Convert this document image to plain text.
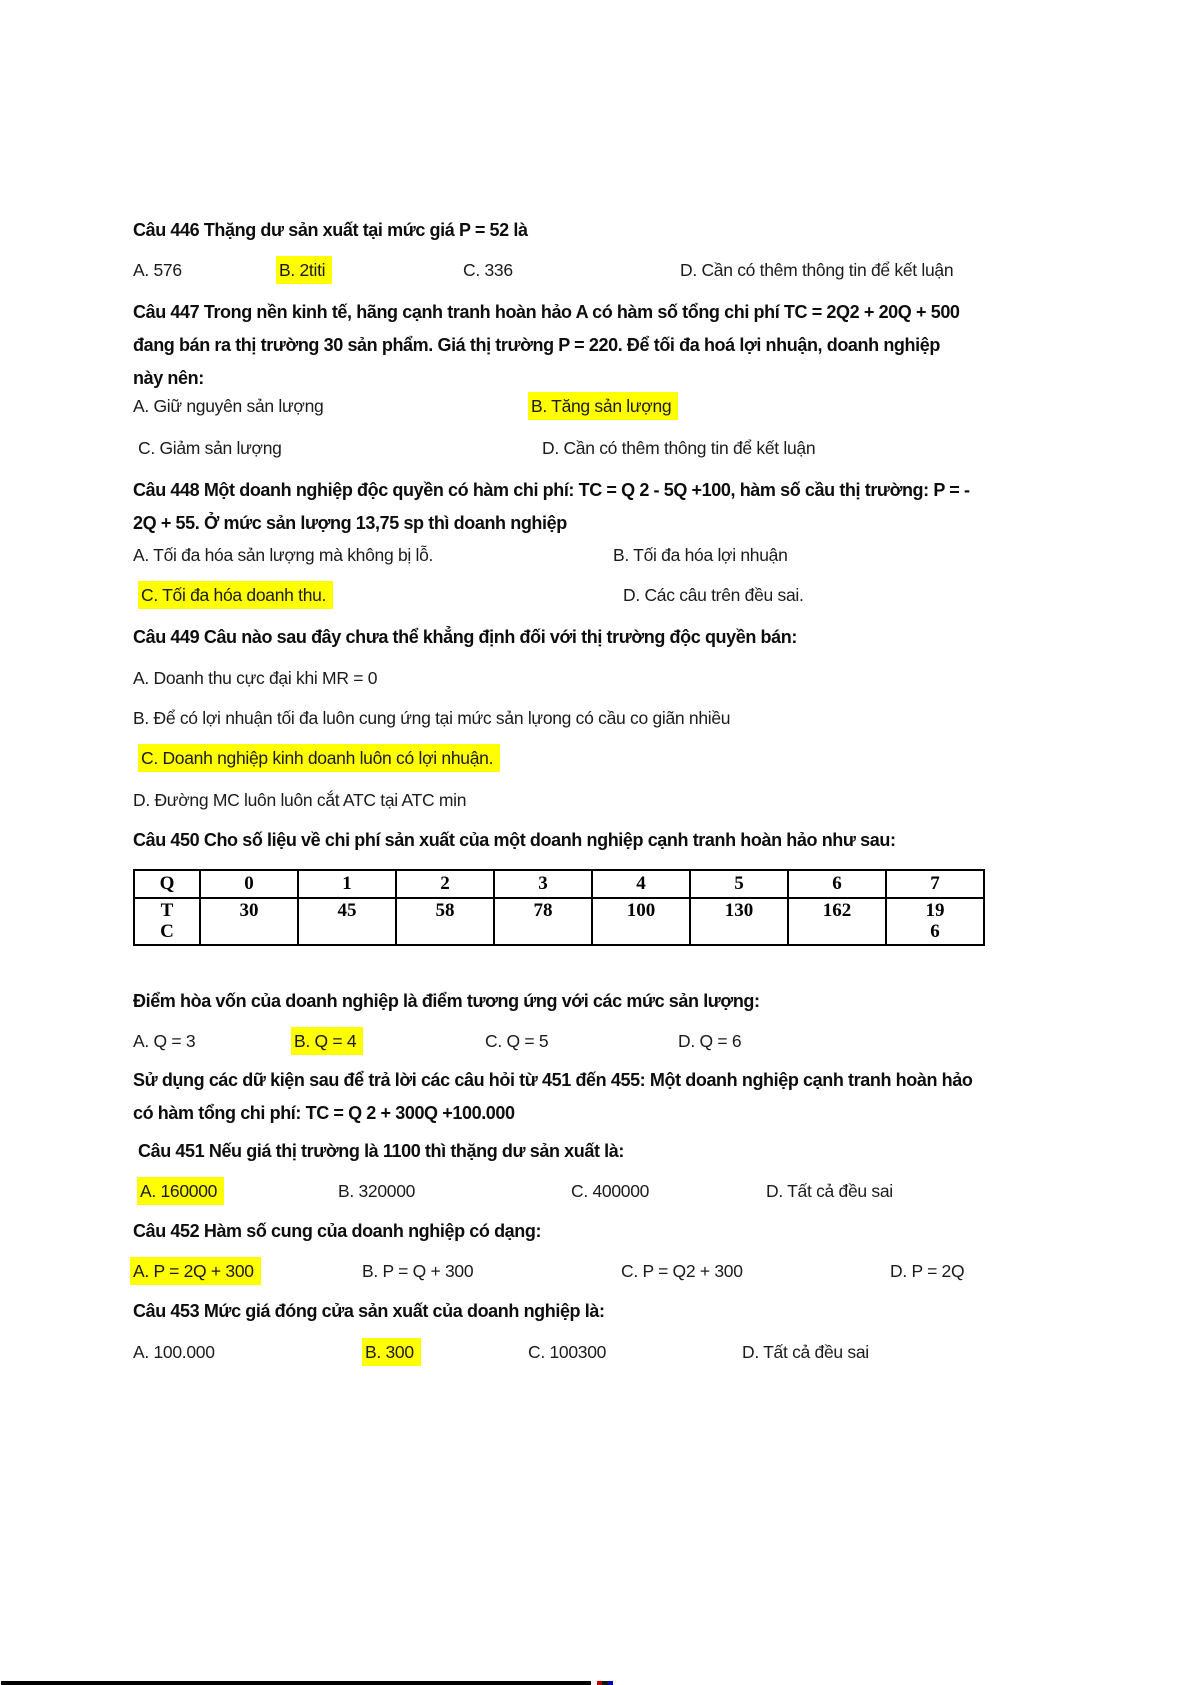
Câu 446 Thặng dư sản xuất tại mức giá P = 52 là
A. 576	B. 2titi	C. 336	D. Cần có thêm thông tin để kết luận
Câu 447 Trong nền kinh tế, hãng cạnh tranh hoàn hảo A có hàm số tổng chi phí TC = 2Q2 + 20Q + 500
đang bán ra thị trường 30 sản phẩm. Giá thị trường P = 220. Để tối đa hoá lợi nhuận, doanh nghiệp
này nên:
A. Giữ nguyên sản lượng	B. Tăng sản lượng
C. Giảm sản lượng	D. Cần có thêm thông tin để kết luận
Câu 448 Một doanh nghiệp độc quyền có hàm chi phí: TC = Q 2 - 5Q +100, hàm số cầu thị trường: P = -
2Q + 55. Ở mức sản lượng 13,75 sp thì doanh nghiệp
A. Tối đa hóa sản lượng mà không bị lỗ.	B. Tối đa hóa lợi nhuận
C. Tối đa hóa doanh thu.	D. Các câu trên đều sai.
Câu 449 Câu nào sau đây chưa thể khẳng định đối với thị trường độc quyền bán:
A. Doanh thu cực đại khi MR = 0
B. Để có lợi nhuận tối đa luôn cung ứng tại mức sản lựong có cầu co giãn nhiều
C. Doanh nghiệp kinh doanh luôn có lợi nhuận.
D. Đường MC luôn luôn cắt ATC tại ATC min
Câu 450 Cho số liệu về chi phí sản xuất của một doanh nghiệp cạnh tranh hoàn hảo như sau:
Q	0	1	2	3	4	5	6	7
TC	30	45	58	78	100	130	162	196
Điểm hòa vốn của doanh nghiệp là điểm tương ứng với các mức sản lượng:
A. Q = 3	B. Q = 4	C. Q = 5	D. Q = 6
Sử dụng các dữ kiện sau để trả lời các câu hỏi từ 451 đến 455: Một doanh nghiệp cạnh tranh hoàn hảo
có hàm tổng chi phí: TC = Q 2 + 300Q +100.000
Câu 451 Nếu giá thị trường là 1100 thì thặng dư sản xuất là:
A. 160000	B. 320000	C. 400000	D. Tất cả đều sai
Câu 452 Hàm số cung của doanh nghiệp có dạng:
A. P = 2Q + 300	B. P = Q + 300	C. P = Q2 + 300	D. P = 2Q
Câu 453 Mức giá đóng cửa sản xuất của doanh nghiệp là:
A. 100.000	B. 300	C. 100300	D. Tất cả đều sai
